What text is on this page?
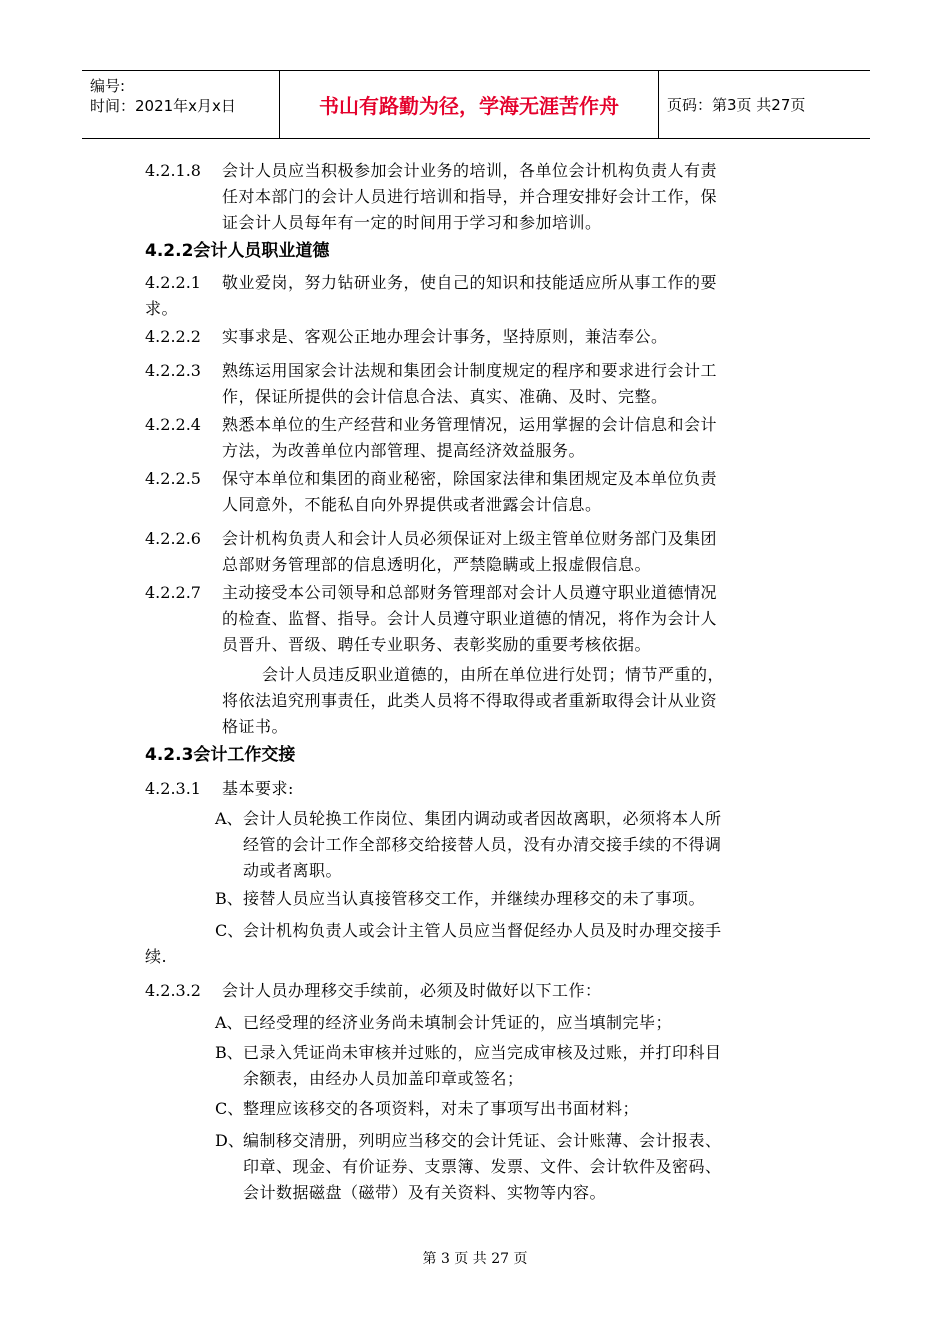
编号:
时间：2021年x月x日	书山有路勤为径，学海无涯苦作舟	页码：第3页 共27页
4.2.1.8 会计人员应当积极参加会计业务的培训，各单位会计机构负责人有责
任对本部门的会计人员进行培训和指导，并合理安排好会计工作，保
证会计人员每年有一定的时间用于学习和参加培训。
4.2.2会计人员职业道德
4.2.2.1 敬业爱岗，努力钻研业务，使自己的知识和技能适应所从事工作的要
求。
4.2.2.2 实事求是、客观公正地办理会计事务，坚持原则，兼洁奉公。
4.2.2.3 熟练运用国家会计法规和集团会计制度规定的程序和要求进行会计工
作，保证所提供的会计信息合法、真实、准确、及时、完整。
4.2.2.4 熟悉本单位的生产经营和业务管理情况，运用掌握的会计信息和会计
方法，为改善单位内部管理、提高经济效益服务。
4.2.2.5 保守本单位和集团的商业秘密，除国家法律和集团规定及本单位负责
人同意外，不能私自向外界提供或者泄露会计信息。
4.2.2.6 会计机构负责人和会计人员必须保证对上级主管单位财务部门及集团
总部财务管理部的信息透明化，严禁隐瞒或上报虚假信息。
4.2.2.7 主动接受本公司领导和总部财务管理部对会计人员遵守职业道德情况
的检查、监督、指导。会计人员遵守职业道德的情况，将作为会计人
员晋升、晋级、聘任专业职务、表彰奖励的重要考核依据。
会计人员违反职业道德的，由所在单位进行处罚；情节严重的，
将依法追究刑事责任，此类人员将不得取得或者重新取得会计从业资
格证书。
4.2.3会计工作交接
4.2.3.1 基本要求:
A、 会计人员轮换工作岗位、集团内调动或者因故离职，必须将本人所
经管的会计工作全部移交给接替人员，没有办清交接手续的不得调
动或者离职。
B、 接替人员应当认真接管移交工作，并继续办理移交的未了事项。
C、 会计机构负责人或会计主管人员应当督促经办人员及时办理交接手
续.
4.2.3.2 会计人员办理移交手续前，必须及时做好以下工作：
A、 已经受理的经济业务尚未填制会计凭证的，应当填制完毕；
B、 已录入凭证尚未审核并过账的，应当完成审核及过账，并打印科目
余额表，由经办人员加盖印章或签名；
C、 整理应该移交的各项资料，对未了事项写出书面材料；
D、 编制移交清册，列明应当移交的会计凭证、会计账薄、会计报表、
印章、现金、有价证券、支票簿、发票、文件、会计软件及密码、
会计数据磁盘（磁带）及有关资料、实物等内容。
第 3 页 共 27 页
